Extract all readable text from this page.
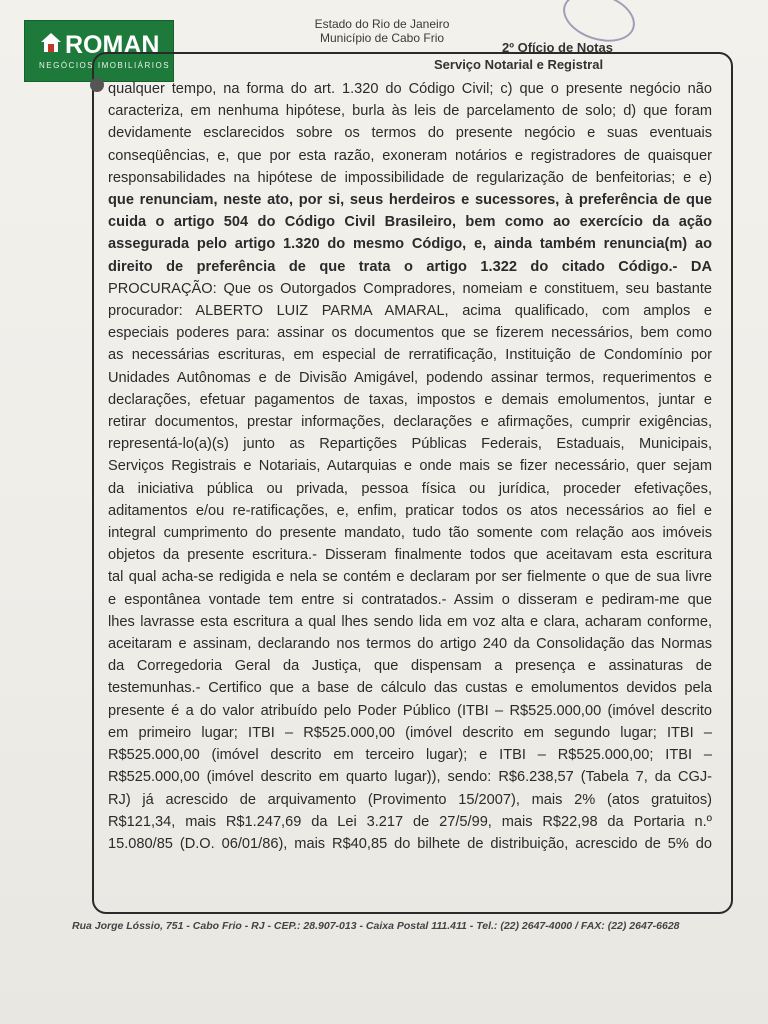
ROMAN
NEGÓCIOS IMOBILIÁRIOS
Estado do Rio de Janeiro
Município de Cabo Frio
2º Ofício de Notas
Serviço Notarial e Registral
qualquer tempo, na forma do art. 1.320 do Código Civil; c) que o presente negócio não
caracteriza, em nenhuma hipótese, burla às leis de parcelamento de solo; d) que foram
devidamente esclarecidos sobre os termos do presente negócio e suas eventuais
conseqüências, e, que por esta razão, exoneram notários e registradores de quaisquer
responsabilidades na hipótese de impossibilidade de regularização de benfeitorias; e e)
que renunciam, neste ato, por si, seus herdeiros e sucessores, à preferência de que
cuida o artigo 504 do Código Civil Brasileiro, bem como ao exercício da ação
assegurada pelo artigo 1.320 do mesmo Código, e, ainda também renuncia(m) ao
direito de preferência de que trata o artigo 1.322 do citado Código.- DA
PROCURAÇÃO: Que os Outorgados Compradores, nomeiam e constituem, seu bastante
procurador: ALBERTO LUIZ PARMA AMARAL, acima qualificado, com amplos e
especiais poderes para: assinar os documentos que se fizerem necessários, bem como
as necessárias escrituras, em especial de rerratificação, Instituição de Condomínio por
Unidades Autônomas e de Divisão Amigável, podendo assinar termos, requerimentos e
declarações, efetuar pagamentos de taxas, impostos e demais emolumentos, juntar e
retirar documentos, prestar informações, declarações e afirmações, cumprir exigências,
representá-lo(a)(s) junto as Repartições Públicas Federais, Estaduais, Municipais,
Serviços Registrais e Notariais, Autarquias e onde mais se fizer necessário, quer sejam
da iniciativa pública ou privada, pessoa física ou jurídica, proceder efetivações,
aditamentos e/ou re-ratificações, e, enfim, praticar todos os atos necessários ao fiel e
integral cumprimento do presente mandato, tudo tão somente com relação aos imóveis
objetos da presente escritura.- Disseram finalmente todos que aceitavam esta escritura
tal qual acha-se redigida e nela se contém e declaram por ser fielmente o que de sua livre
e espontânea vontade tem entre si contratados.- Assim o disseram e pediram-me que
lhes lavrasse esta escritura a qual lhes sendo lida em voz alta e clara, acharam conforme,
aceitaram e assinam, declarando nos termos do artigo 240 da Consolidação das Normas
da Corregedoria Geral da Justiça, que dispensam a presença e assinaturas de
testemunhas.- Certifico que a base de cálculo das custas e emolumentos devidos pela
presente é a do valor atribuído pelo Poder Público (ITBI – R$525.000,00 (imóvel descrito
em primeiro lugar; ITBI – R$525.000,00 (imóvel descrito em segundo lugar; ITBI –
R$525.000,00 (imóvel descrito em terceiro lugar); e ITBI – R$525.000,00; ITBI –
R$525.000,00 (imóvel descrito em quarto lugar)), sendo: R$6.238,57 (Tabela 7, da CGJ-
RJ) já acrescido de arquivamento (Provimento 15/2007), mais 2% (atos gratuitos)
R$121,34, mais R$1.247,69 da Lei 3.217 de 27/5/99, mais R$22,98 da Portaria n.º
15.080/85 (D.O. 06/01/86), mais R$40,85 do bilhete de distribuição, acrescido de 5% do
Rua Jorge Lóssio, 751 - Cabo Frio - RJ - CEP.: 28.907-013 - Caixa Postal 111.411 - Tel.: (22) 2647-4000 / FAX: (22) 2647-6628
